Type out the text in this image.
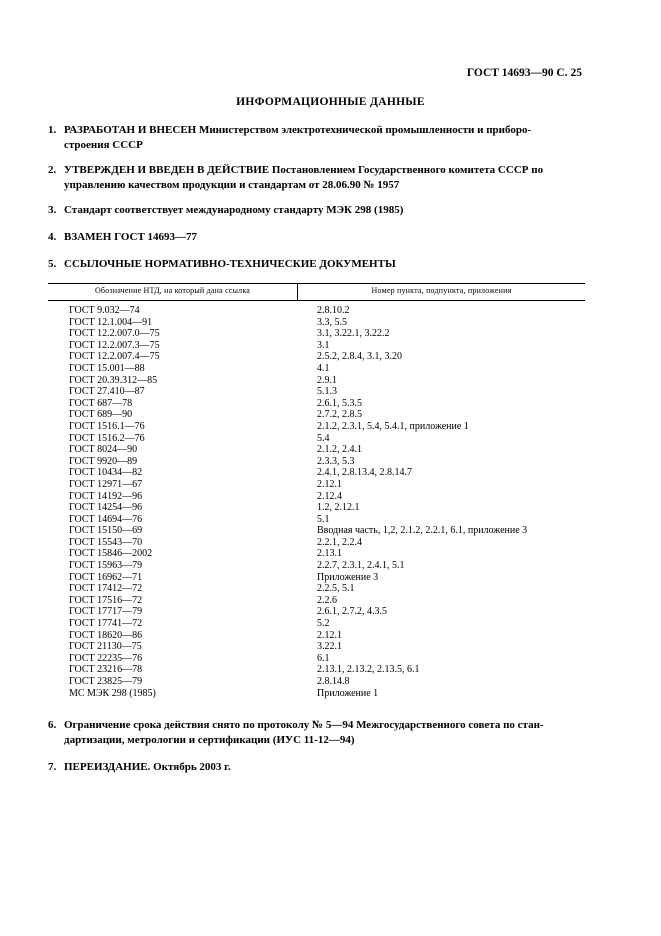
ГОСТ 14693—90 С. 25
ИНФОРМАЦИОННЫЕ ДАННЫЕ
1. РАЗРАБОТАН И ВНЕСЕН Министерством электротехнической промышленности и приборo-
строения СССР
2. УТВЕРЖДЕН И ВВЕДЕН В ДЕЙСТВИЕ Постановлением Государственного комитета СССР по
управлению качеством продукции и стандартам от 28.06.90 № 1957
3. Стандарт соответствует международному стандарту МЭК 298 (1985)
4. ВЗАМЕН ГОСТ 14693—77
5. ССЫЛОЧНЫЕ НОРМАТИВНО-ТЕХНИЧЕСКИЕ ДОКУМЕНТЫ
Обозначение НТД, на который дана ссылка	Номер пункта, подпункта, приложения
ГОСТ 9.032—74	2.8.10.2
ГОСТ 12.1.004—91	3.3, 5.5
ГОСТ 12.2.007.0—75	3.1, 3.22.1, 3.22.2
ГОСТ 12.2.007.3—75	3.1
ГОСТ 12.2.007.4—75	2.5.2, 2.8.4, 3.1, 3.20
ГОСТ 15.001—88	4.1
ГОСТ 20.39.312—85	2.9.1
ГОСТ 27.410—87	5.1.3
ГОСТ 687—78	2.6.1, 5.3.5
ГОСТ 689—90	2.7.2, 2.8.5
ГОСТ 1516.1—76	2.1.2, 2.3.1, 5.4, 5.4.1, приложение 1
ГОСТ 1516.2—76	5.4
ГОСТ 8024—90	2.1.2, 2.4.1
ГОСТ 9920—89	2.3.3, 5.3
ГОСТ 10434—82	2.4.1, 2.8.13.4, 2.8.14.7
ГОСТ 12971—67	2.12.1
ГОСТ 14192—96	2.12.4
ГОСТ 14254—96	1.2, 2.12.1
ГОСТ 14694—76	5.1
ГОСТ 15150—69	Вводная часть, 1,2, 2.1.2, 2.2.1, 6.1, приложение 3
ГОСТ 15543—70	2.2.1, 2.2.4
ГОСТ 15846—2002	2.13.1
ГОСТ 15963—79	2.2.7, 2.3.1, 2.4.1, 5.1
ГОСТ 16962—71	Приложение 3
ГОСТ 17412—72	2.2.5, 5.1
ГОСТ 17516—72	2.2.6
ГОСТ 17717—79	2.6.1, 2.7.2, 4.3.5
ГОСТ 17741—72	5.2
ГОСТ 18620—86	2.12.1
ГОСТ 21130—75	3.22.1
ГОСТ 22235—76	6.1
ГОСТ 23216—78	2.13.1, 2.13.2, 2.13.5, 6.1
ГОСТ 23825—79	2.8.14.8
МС МЭК 298 (1985)	Приложение 1
6. Ограничение срока действия снято по протоколу № 5—94 Межгосударственного совета по стан-
дартизации, метрологии и сертификации (ИУС 11-12—94)
7. ПЕРЕИЗДАНИЕ. Октябрь 2003 г.
